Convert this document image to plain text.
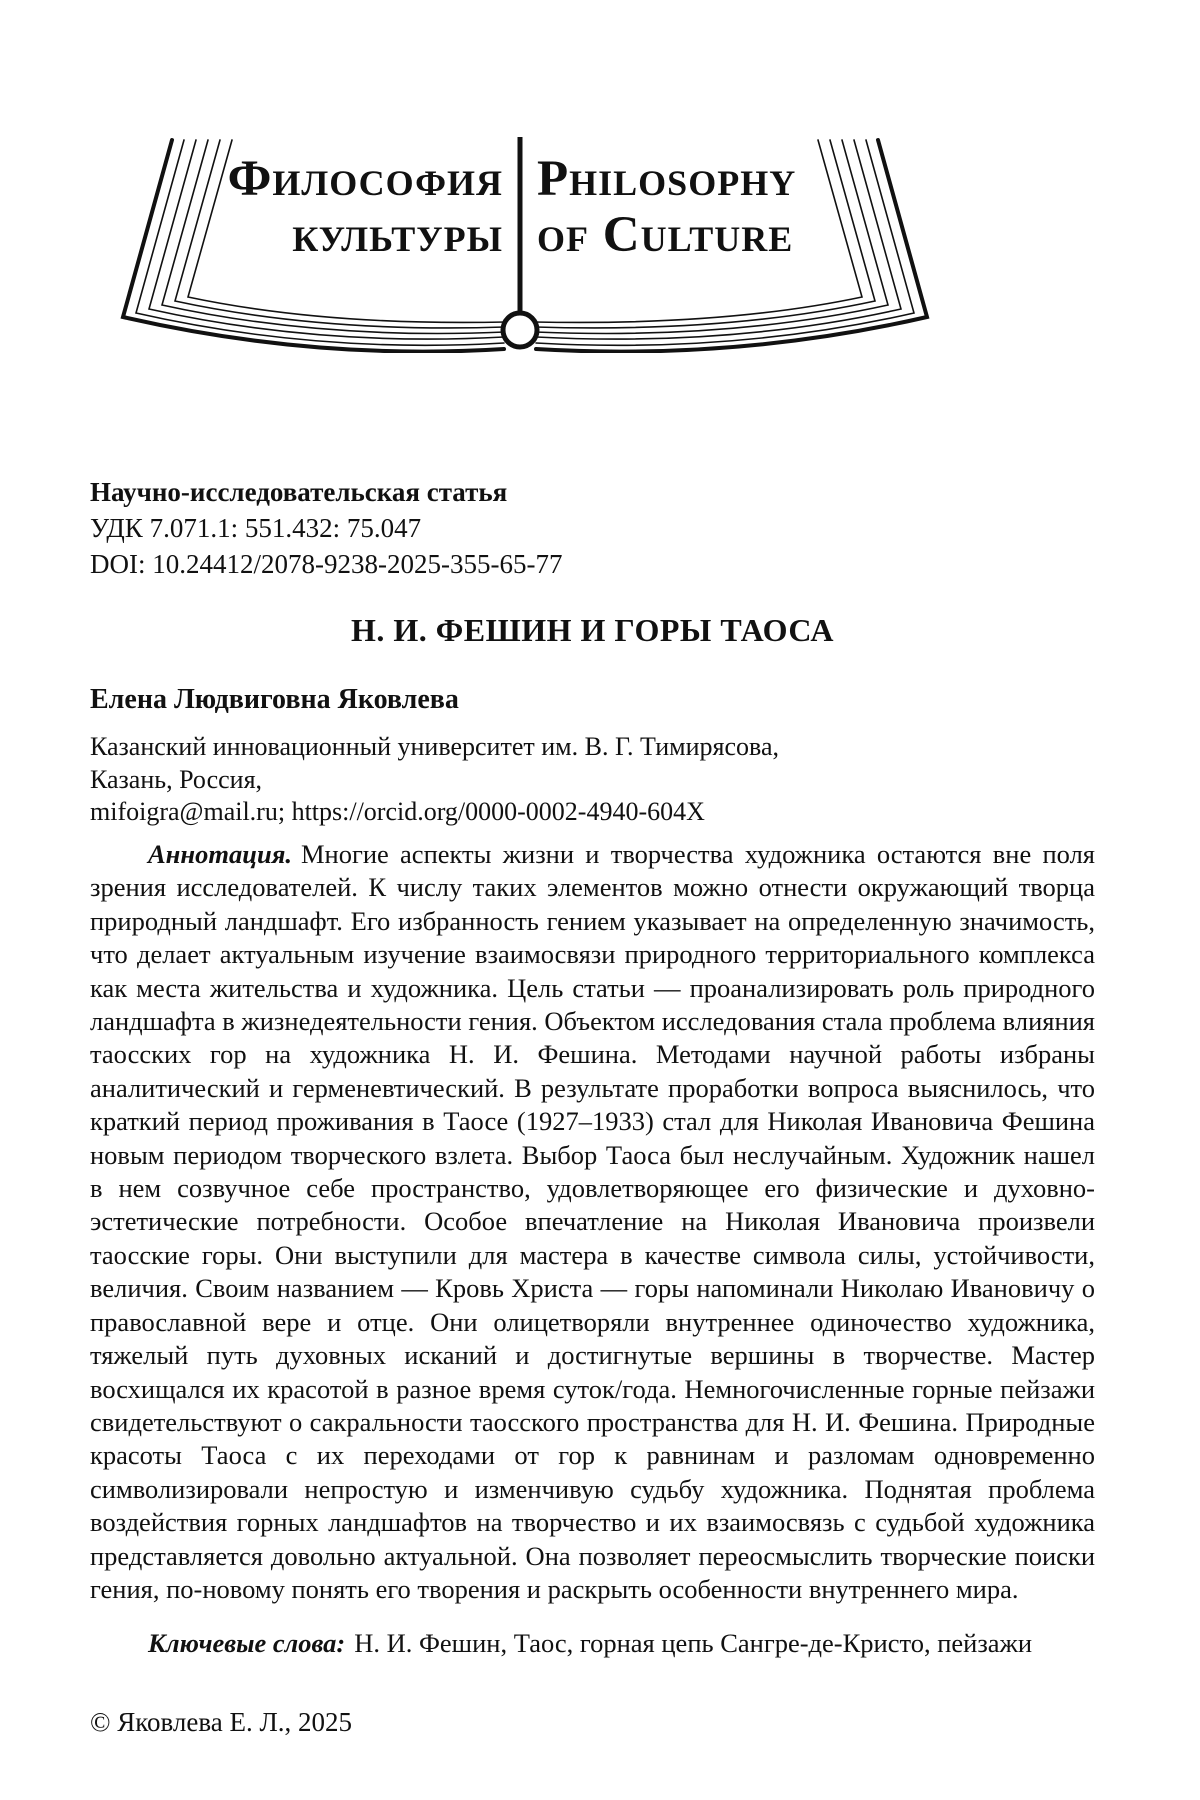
Философия
культуры
Philosophy
of Culture
Научно-исследовательская статья
УДК 7.071.1: 551.432: 75.047
DOI: 10.24412/2078-9238-2025-355-65-77
Н. И. ФЕШИН И ГОРЫ ТАОСА
Елена Людвиговна Яковлева
Казанский инновационный университет им. В. Г. Тимирясова,
Казань, Россия,
mifoigra@mail.ru; https://orcid.org/0000-0002-4940-604X

Аннотация. Многие аспекты жизни и творчества художника остаются вне поля зрения исследователей. К числу таких элементов можно отнести окружающий творца природный ландшафт. Его избранность гением указывает на определенную значимость, что делает актуальным изучение взаимосвязи природного территориального комплекса как места жительства и художника. Цель статьи — проанализировать роль природного ландшафта в жизнедеятельности гения. Объектом исследования стала проблема влияния таосских гор на художника Н. И. Фешина. Методами научной работы избраны аналитический и герменевтический. В результате проработки вопроса выяснилось, что краткий период проживания в Таосе (1927–1933) стал для Николая Ивановича Фешина новым периодом творческого взлета. Выбор Таоса был неслучайным. Художник нашел в нем созвучное себе пространство, удовлетворяющее его физические и духовно-эстетические потребности. Особое впечатление на Николая Ивановича произвели таосские горы. Они выступили для мастера в качестве символа силы, устойчивости, величия. Своим названием — Кровь Христа — горы напоминали Николаю Ивановичу о православной вере и отце. Они олицетворяли внутреннее одиночество художника, тяжелый путь духовных исканий и достигнутые вершины в творчестве. Мастер восхищался их красотой в разное время суток/года. Немногочисленные горные пейзажи свидетельствуют о сакральности таосского пространства для Н. И. Фешина. Природные красоты Таоса с их переходами от гор к равнинам и разломам одновременно символизировали непростую и изменчивую судьбу художника. Поднятая проблема воздействия горных ландшафтов на творчество и их взаимосвязь с судьбой художника представляется довольно актуальной. Она позволяет переосмыслить творческие поиски гения, по-новому понять его творения и раскрыть особенности внутреннего мира.

Ключевые слова: Н. И. Фешин, Таос, горная цепь Сангре-де-Кристо, пейзажи

© Яковлева Е. Л., 2025
